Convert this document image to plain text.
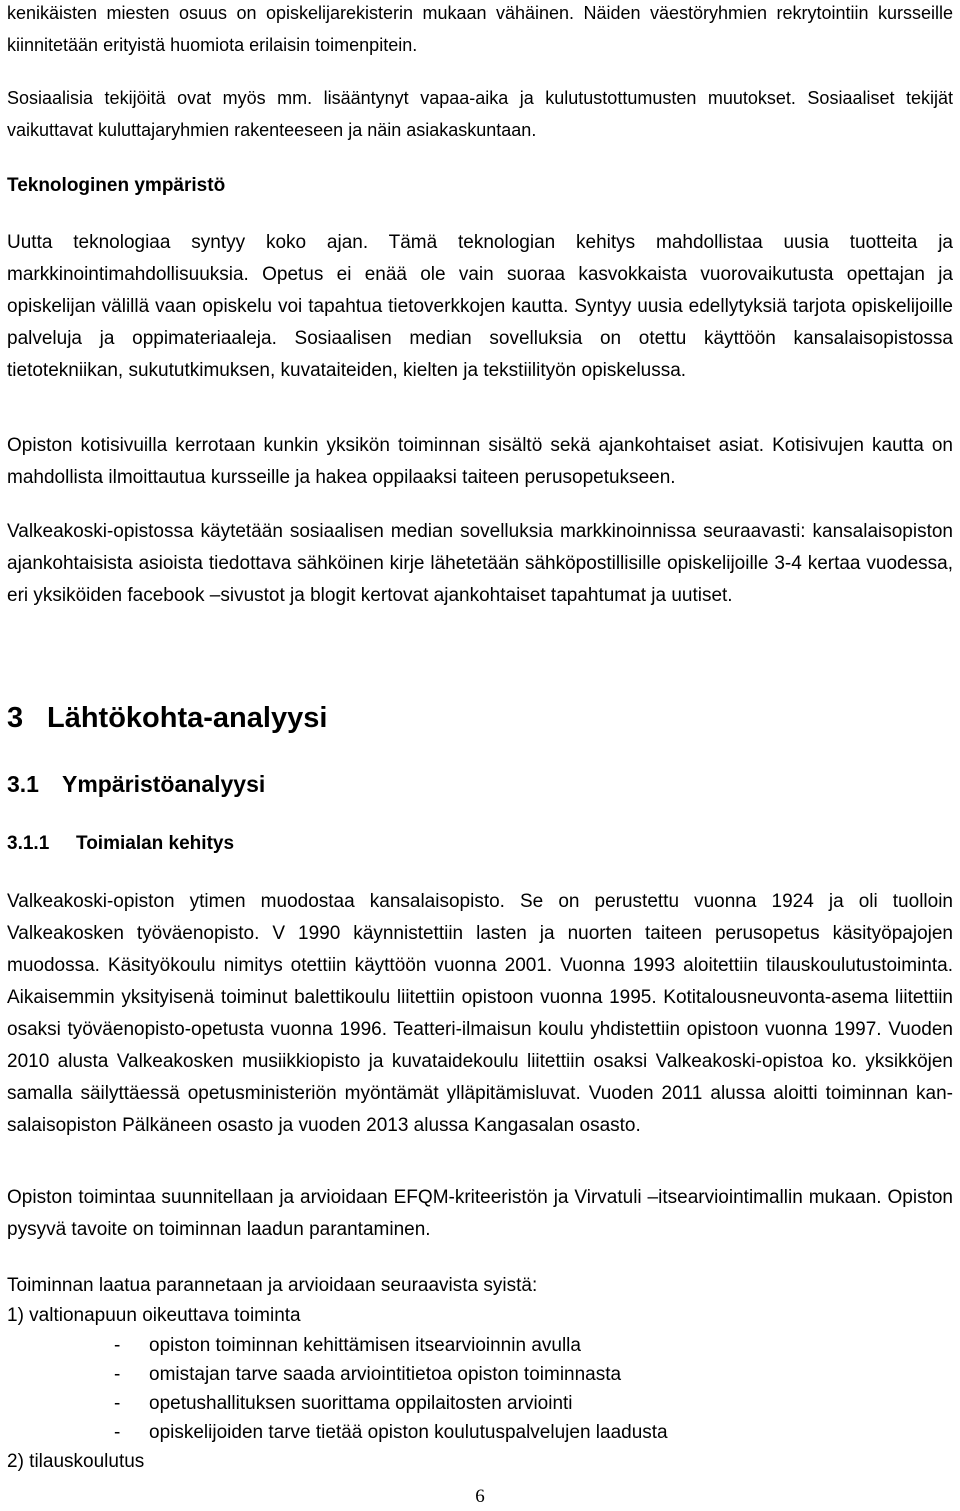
kenikäisten miesten osuus on opiskelijarekisterin mukaan vähäinen. Näiden väestöryhmien rekrytointiin kursseille kiinnitetään erityistä huomiota erilaisin toimenpitein.

Sosiaalisia tekijöitä ovat myös mm. lisääntynyt vapaa-aika ja kulutustottumusten muutokset. Sosiaaliset tekijät vaikuttavat kuluttajaryhmien rakenteeseen ja näin asiakaskuntaan.

Teknologinen ympäristö

Uutta teknologiaa syntyy koko ajan. Tämä teknologian kehitys mahdollistaa uusia tuotteita ja markkinointimahdollisuuksia. Opetus ei enää ole vain suoraa kasvokkaista vuorovaikutusta opettajan ja opiskelijan välillä vaan opiskelu voi tapahtua tietoverkkojen kautta. Syntyy uusia edellytyksiä tarjota opiskelijoille palveluja ja oppimateriaaleja. Sosiaalisen median sovelluksia on otettu käyttöön kansalaisopistossa tietotekniikan, sukututkimuksen, kuvataiteiden, kielten ja tekstiilityön opiskelussa.

Opiston kotisivuilla kerrotaan kunkin yksikön toiminnan sisältö sekä ajankohtaiset asiat. Kotisivujen kautta on mahdollista ilmoittautua kursseille ja hakea oppilaaksi taiteen perusopetukseen.

Valkeakoski-opistossa käytetään sosiaalisen median sovelluksia markkinoinnissa seuraavasti: kansalaisopiston ajankohtaisista asioista tiedottava sähköinen kirje lähetetään sähköpostillisille opiskelijoille 3-4 kertaa vuodessa, eri yksiköiden facebook –sivustot ja blogit kertovat ajankohtaiset tapahtumat ja uutiset.

3 Lähtökohta-analyysi

3.1 Ympäristöanalyysi

3.1.1 Toimialan kehitys

Valkeakoski-opiston ytimen muodostaa kansalaisopisto. Se on perustettu vuonna 1924 ja oli tuolloin Valkeakosken työväenopisto. V 1990 käynnistettiin lasten ja nuorten taiteen perusopetus käsityöpajojen muodossa. Käsityökoulu nimitys otettiin käyttöön vuonna 2001. Vuonna 1993 aloitettiin tilauskoulutustoiminta. Aikaisemmin yksityisenä toiminut balettikoulu liitettiin opistoon vuonna 1995. Kotitalousneuvonta-asema liitettiin osaksi työväenopisto-opetusta vuonna 1996. Teatteri-ilmaisun koulu yhdistettiin opistoon vuonna 1997. Vuoden 2010 alusta Valkeakosken musiikkiopisto ja kuvataidekoulu liitettiin osaksi Valkeakoski-opistoa ko. yksikköjen samalla säilyttäessä opetusministeriön myöntämät ylläpitämisluvat. Vuoden 2011 alussa aloitti toiminnan kansalaisopiston Pälkäneen osasto ja vuoden 2013 alussa Kangasalan osasto.

Opiston toimintaa suunnitellaan ja arvioidaan EFQM-kriteeristön ja Virvatuli –itsearviointimallin mukaan. Opiston pysyvä tavoite on toiminnan laadun parantaminen.

Toiminnan laatua parannetaan ja arvioidaan seuraavista syistä:

1) valtionapuun oikeuttava toiminta

- opiston toiminnan kehittämisen itsearvioinnin avulla

- omistajan tarve saada arviointitietoa opiston toiminnasta

- opetushallituksen suorittama oppilaitosten arviointi

- opiskelijoiden tarve tietää opiston koulutuspalvelujen laadusta

2) tilauskoulutus

6
